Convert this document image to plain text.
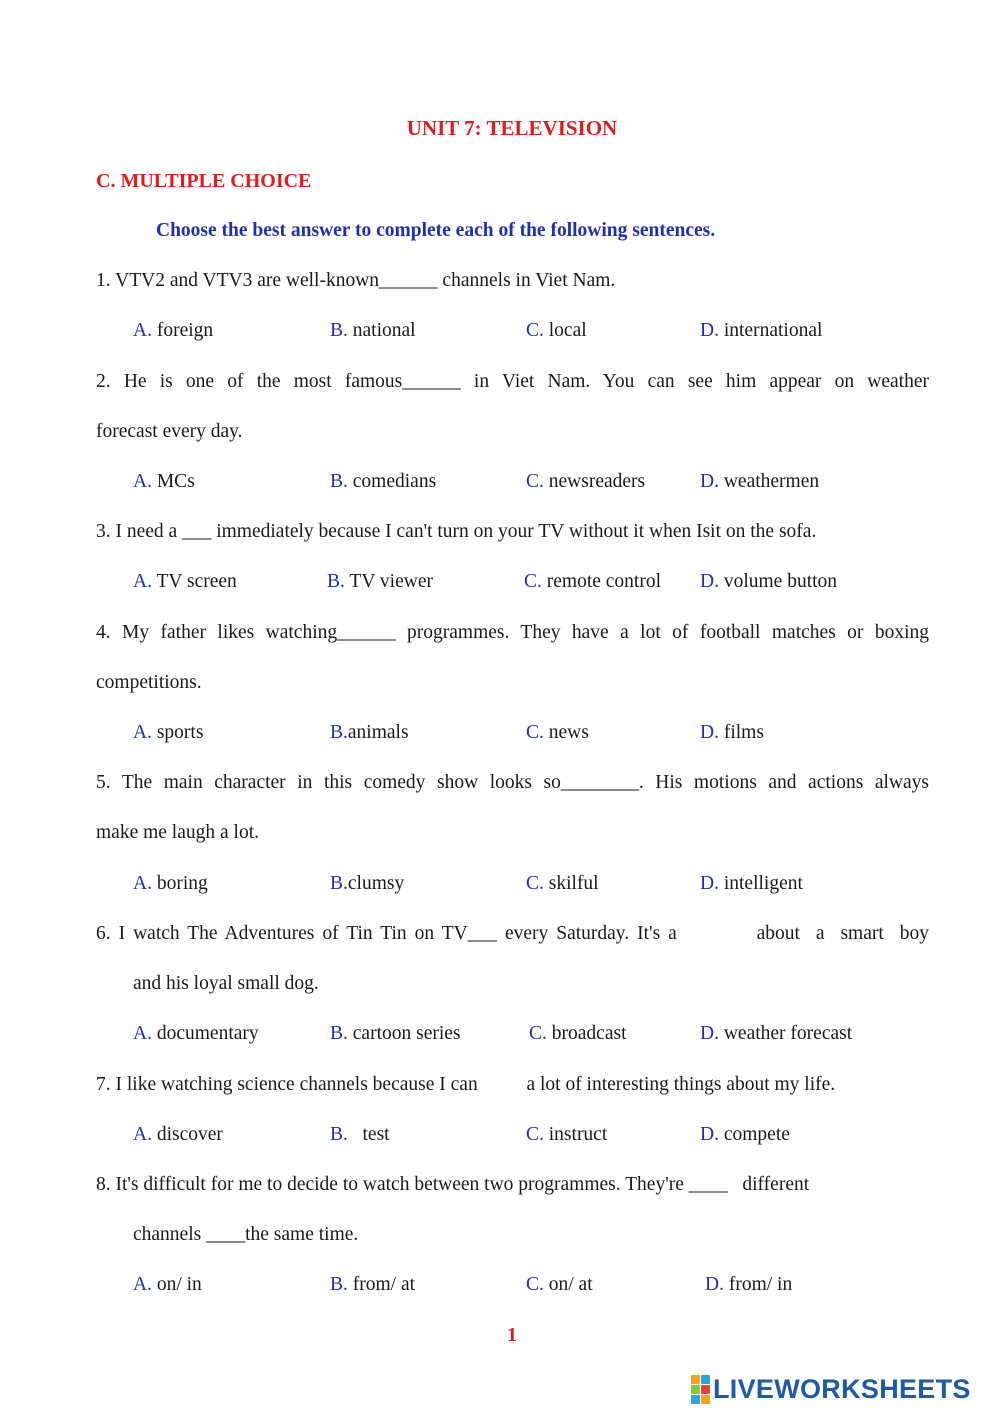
UNIT 7: TELEVISION
C. MULTIPLE CHOICE
Choose the best answer to complete each of the following sentences.
1. VTV2 and VTV3 are well-known______ channels in Viet Nam.
A. foreign	B. national	C. local	D. international
2. He is one of the most famous______ in Viet Nam. You can see him appear on weather
forecast every day.
A. MCs	B. comedians	C. newsreaders	D. weathermen
3. I need a ___ immediately because I can't turn on your TV without it when Isit on the sofa.
A. TV screen	B. TV viewer	C. remote control D. volume button
4. My father likes watching______ programmes. They have a lot of football matches or boxing
competitions.
A. sports	B.animals	C. news	D. films
5. The main character in this comedy show looks so________. His motions and actions always
make me laugh a lot.
A. boring	B.clumsy	C. skilful	D. intelligent
6. I watch The Adventures of Tin Tin on TV___ every Saturday. It's a          about  a  smart  boy
and his loyal small dog.
A. documentary	B. cartoon series	C. broadcast	D. weather forecast
7. I like watching science channels because I can          a lot of interesting things about my life.
A. discover	B.   test	C. instruct	D. compete
8. It's difficult for me to decide to watch between two programmes. They're ____   different
channels ____the same time.
A. on/ in	B. from/ at	C. on/ at	D. from/ in
1
LIVEWORKSHEETS
